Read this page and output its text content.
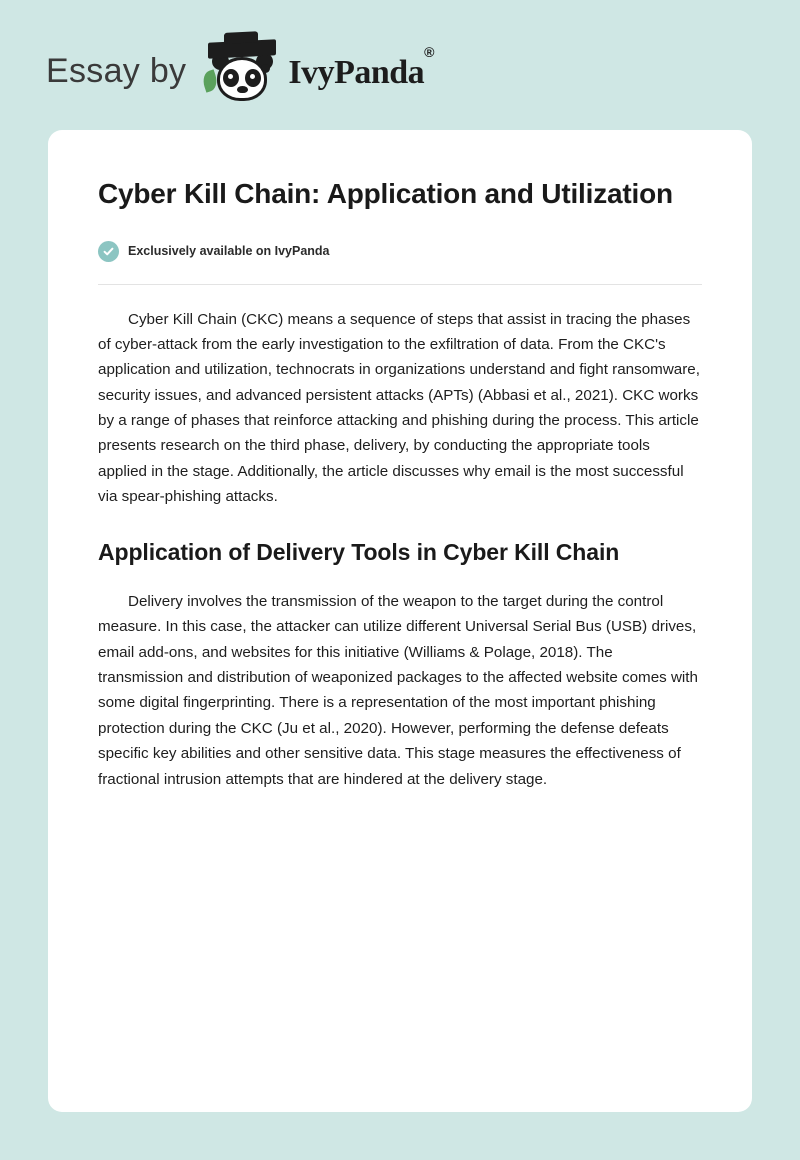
Essay by	IvyPanda®
Cyber Kill Chain: Application and Utilization
Exclusively available on IvyPanda

Cyber Kill Chain (CKC) means a sequence of steps that assist in tracing the phases of cyber-attack from the early investigation to the exfiltration of data. From the CKC's application and utilization, technocrats in organizations understand and fight ransomware, security issues, and advanced persistent attacks (APTs) (Abbasi et al., 2021). CKC works by a range of phases that reinforce attacking and phishing during the process. This article presents research on the third phase, delivery, by conducting the appropriate tools applied in the stage. Additionally, the article discusses why email is the most successful via spear-phishing attacks.

Application of Delivery Tools in Cyber Kill Chain

Delivery involves the transmission of the weapon to the target during the control measure. In this case, the attacker can utilize different Universal Serial Bus (USB) drives, email add-ons, and websites for this initiative (Williams & Polage, 2018). The transmission and distribution of weaponized packages to the affected website comes with some digital fingerprinting. There is a representation of the most important phishing protection during the CKC (Ju et al., 2020). However, performing the defense defeats specific key abilities and other sensitive data. This stage measures the effectiveness of fractional intrusion attempts that are hindered at the delivery stage.
